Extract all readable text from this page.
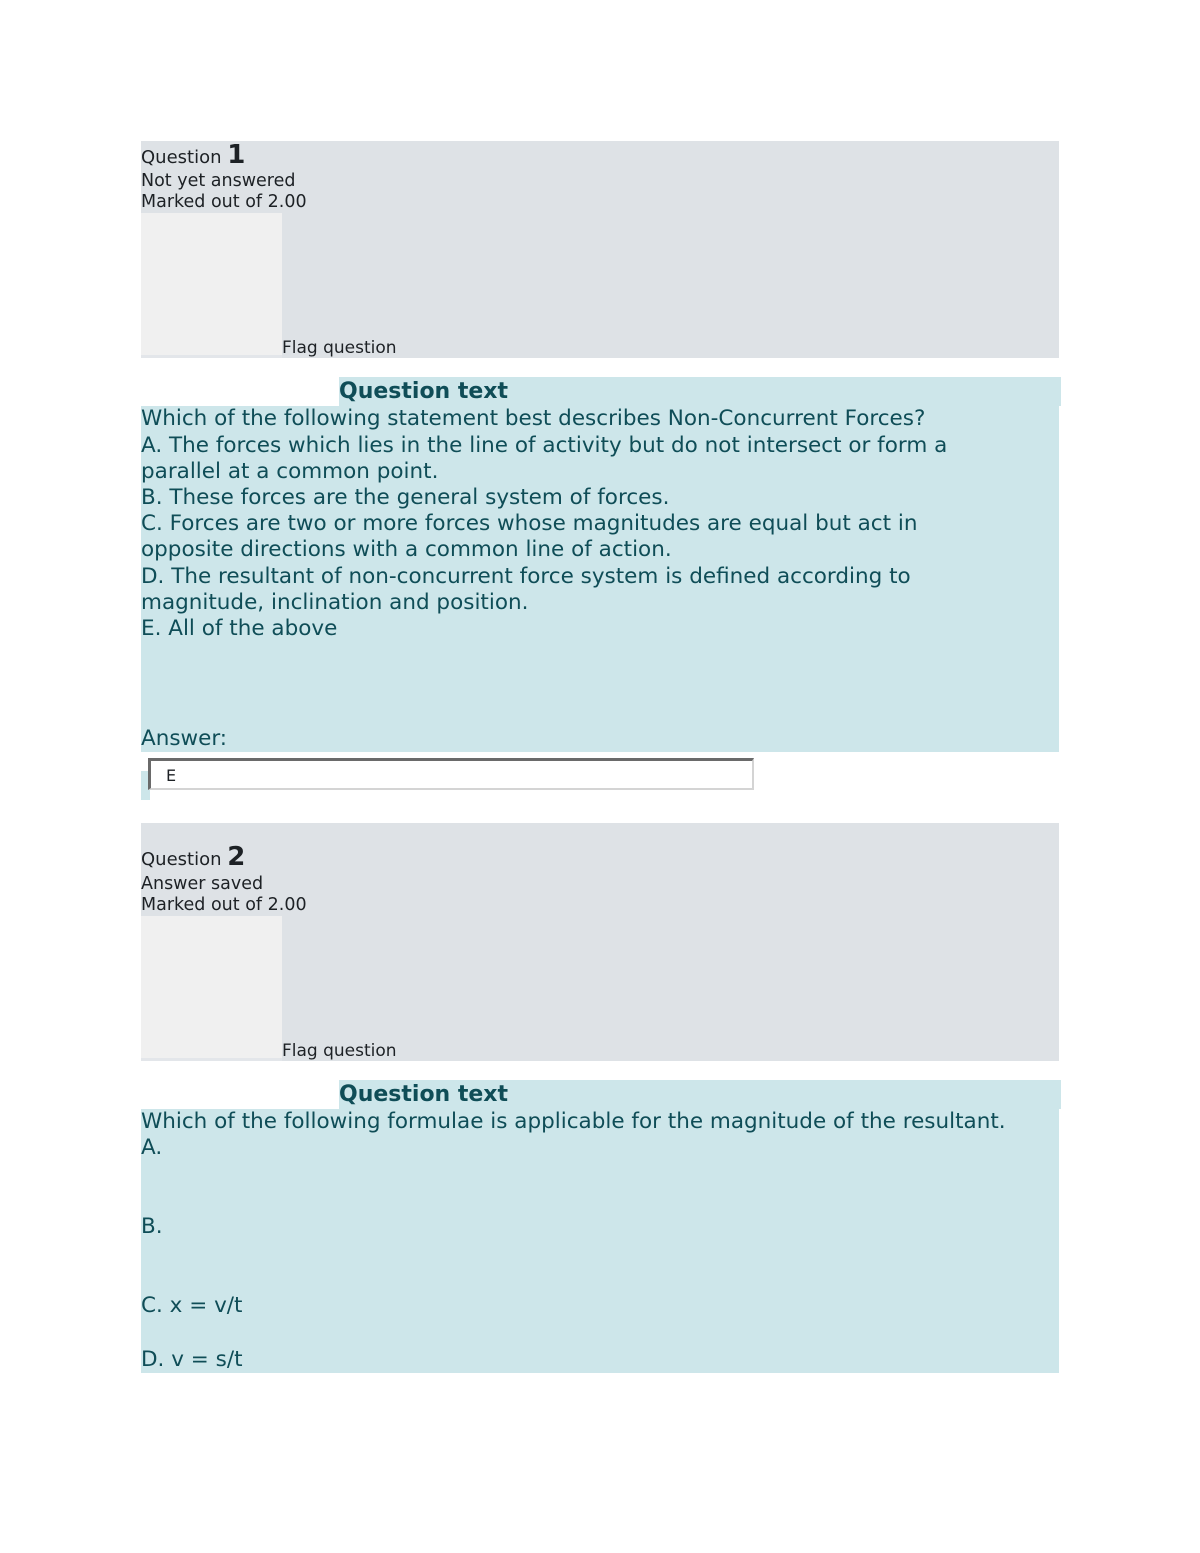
Question 1
Not yet answered
Marked out of 2.00
Flag question
Question text
Which of the following statement best describes Non-Concurrent Forces?
A. The forces which lies in the line of activity but do not intersect or form a
parallel at a common point.
B. These forces are the general system of forces.
C. Forces are two or more forces whose magnitudes are equal but act in
opposite directions with a common line of action.
D. The resultant of non-concurrent force system is defined according to
magnitude, inclination and position.
E. All of the above
Answer:
E
Question 2
Answer saved
Marked out of 2.00
Flag question
Question text
Which of the following formulae is applicable for the magnitude of the resultant.
A.
B.
C. x = v/t
D. v = s/t
